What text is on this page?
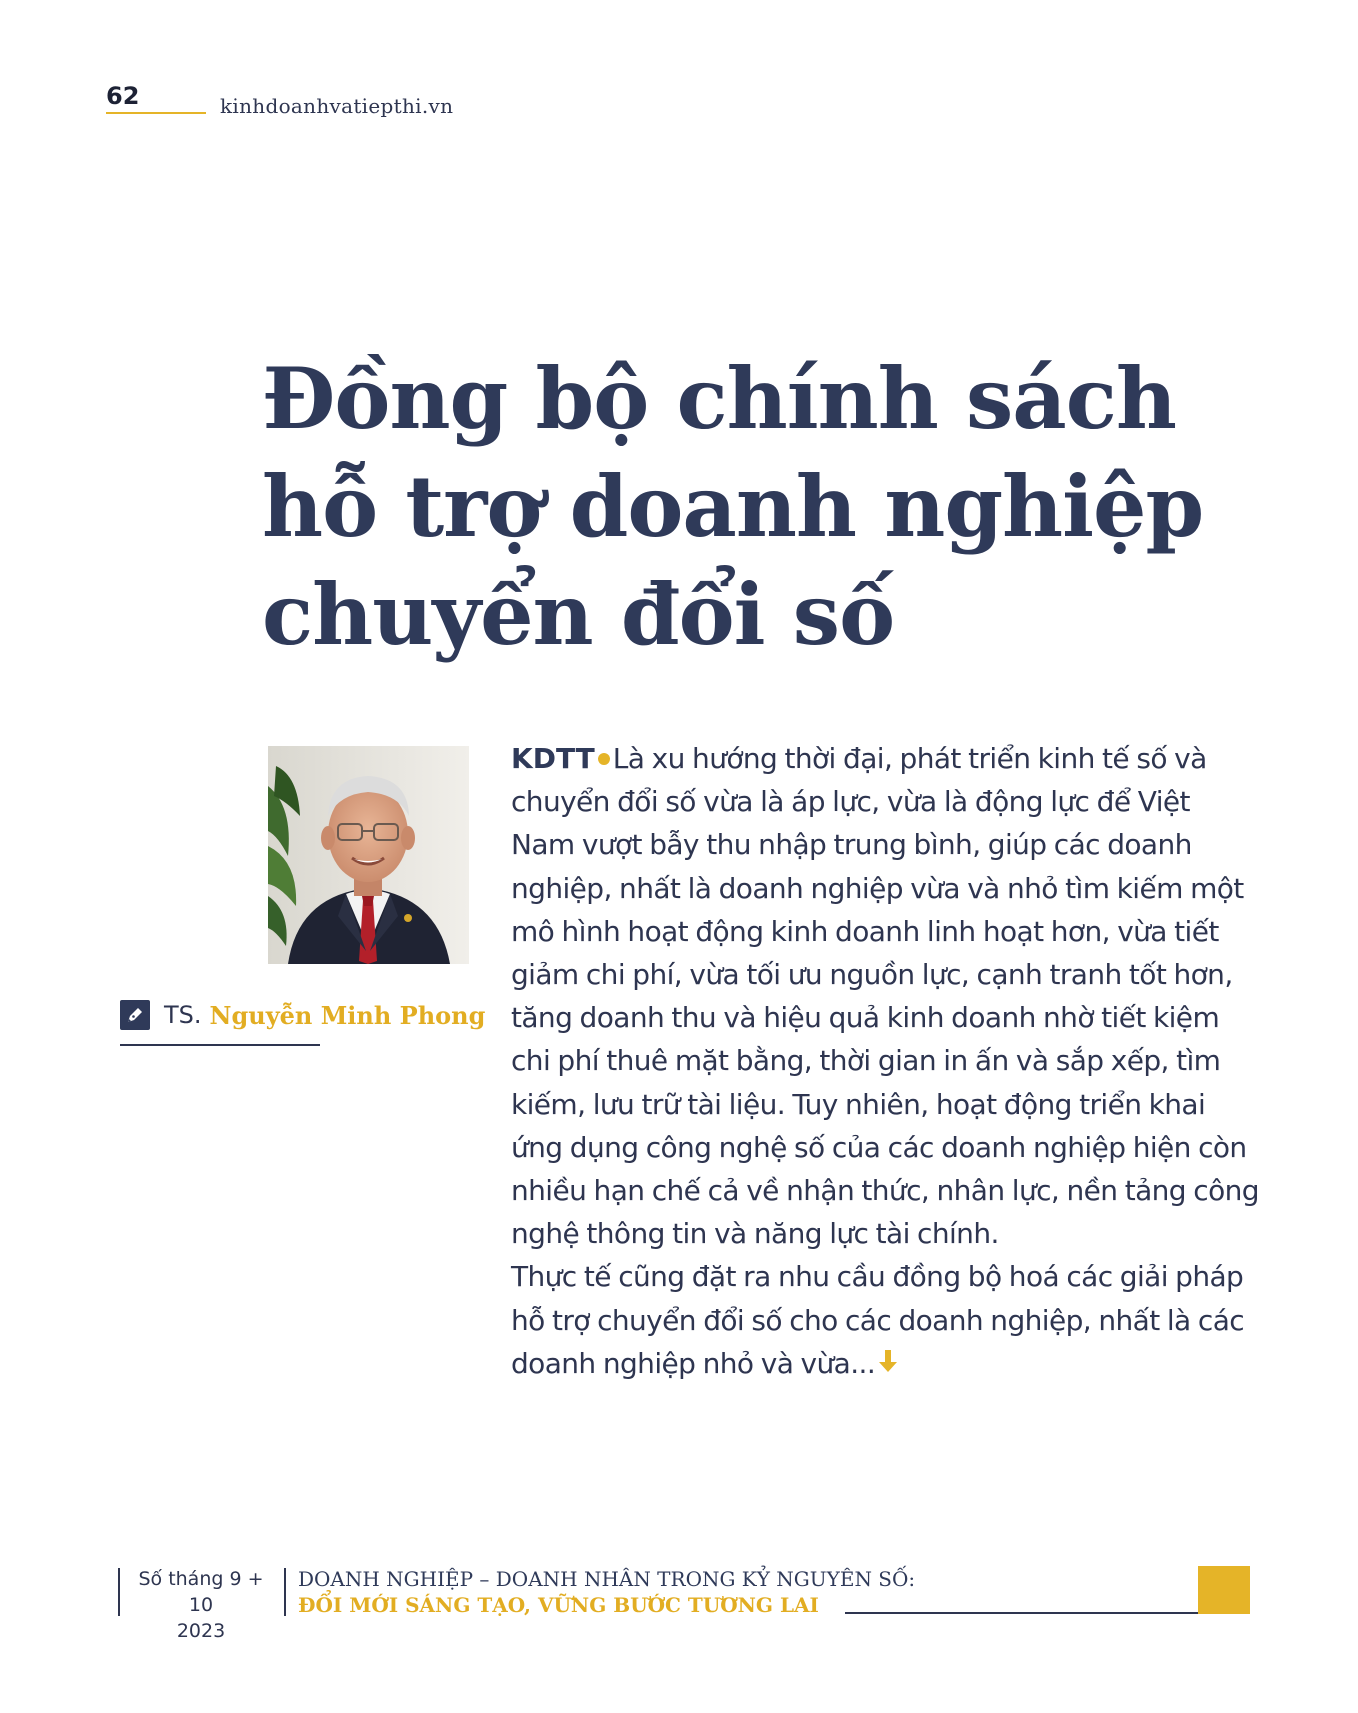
62	kinhdoanhvatiepthi.vn
Đồng bộ chính sách
hỗ trợ doanh nghiệp
chuyển đổi số
TS. Nguyễn Minh Phong

KDTT Là xu hướng thời đại, phát triển kinh tế số và chuyển đổi số vừa là áp lực, vừa là động lực để Việt Nam vượt bẫy thu nhập trung bình, giúp các doanh nghiệp, nhất là doanh nghiệp vừa và nhỏ tìm kiếm một mô hình hoạt động kinh doanh linh hoạt hơn, vừa tiết giảm chi phí, vừa tối ưu nguồn lực, cạnh tranh tốt hơn, tăng doanh thu và hiệu quả kinh doanh nhờ tiết kiệm chi phí thuê mặt bằng, thời gian in ấn và sắp xếp, tìm kiếm, lưu trữ tài liệu. Tuy nhiên, hoạt động triển khai ứng dụng công nghệ số của các doanh nghiệp hiện còn nhiều hạn chế cả về nhận thức, nhân lực, nền tảng công nghệ thông tin và năng lực tài chính.

Thực tế cũng đặt ra nhu cầu đồng bộ hoá các giải pháp hỗ trợ chuyển đổi số cho các doanh nghiệp, nhất là các doanh nghiệp nhỏ và vừa...

Số tháng 9 + 10
2023
DOANH NGHIỆP – DOANH NHÂN TRONG KỶ NGUYÊN SỐ:
ĐỔI MỚI SÁNG TẠO, VỮNG BƯỚC TƯƠNG LAI
